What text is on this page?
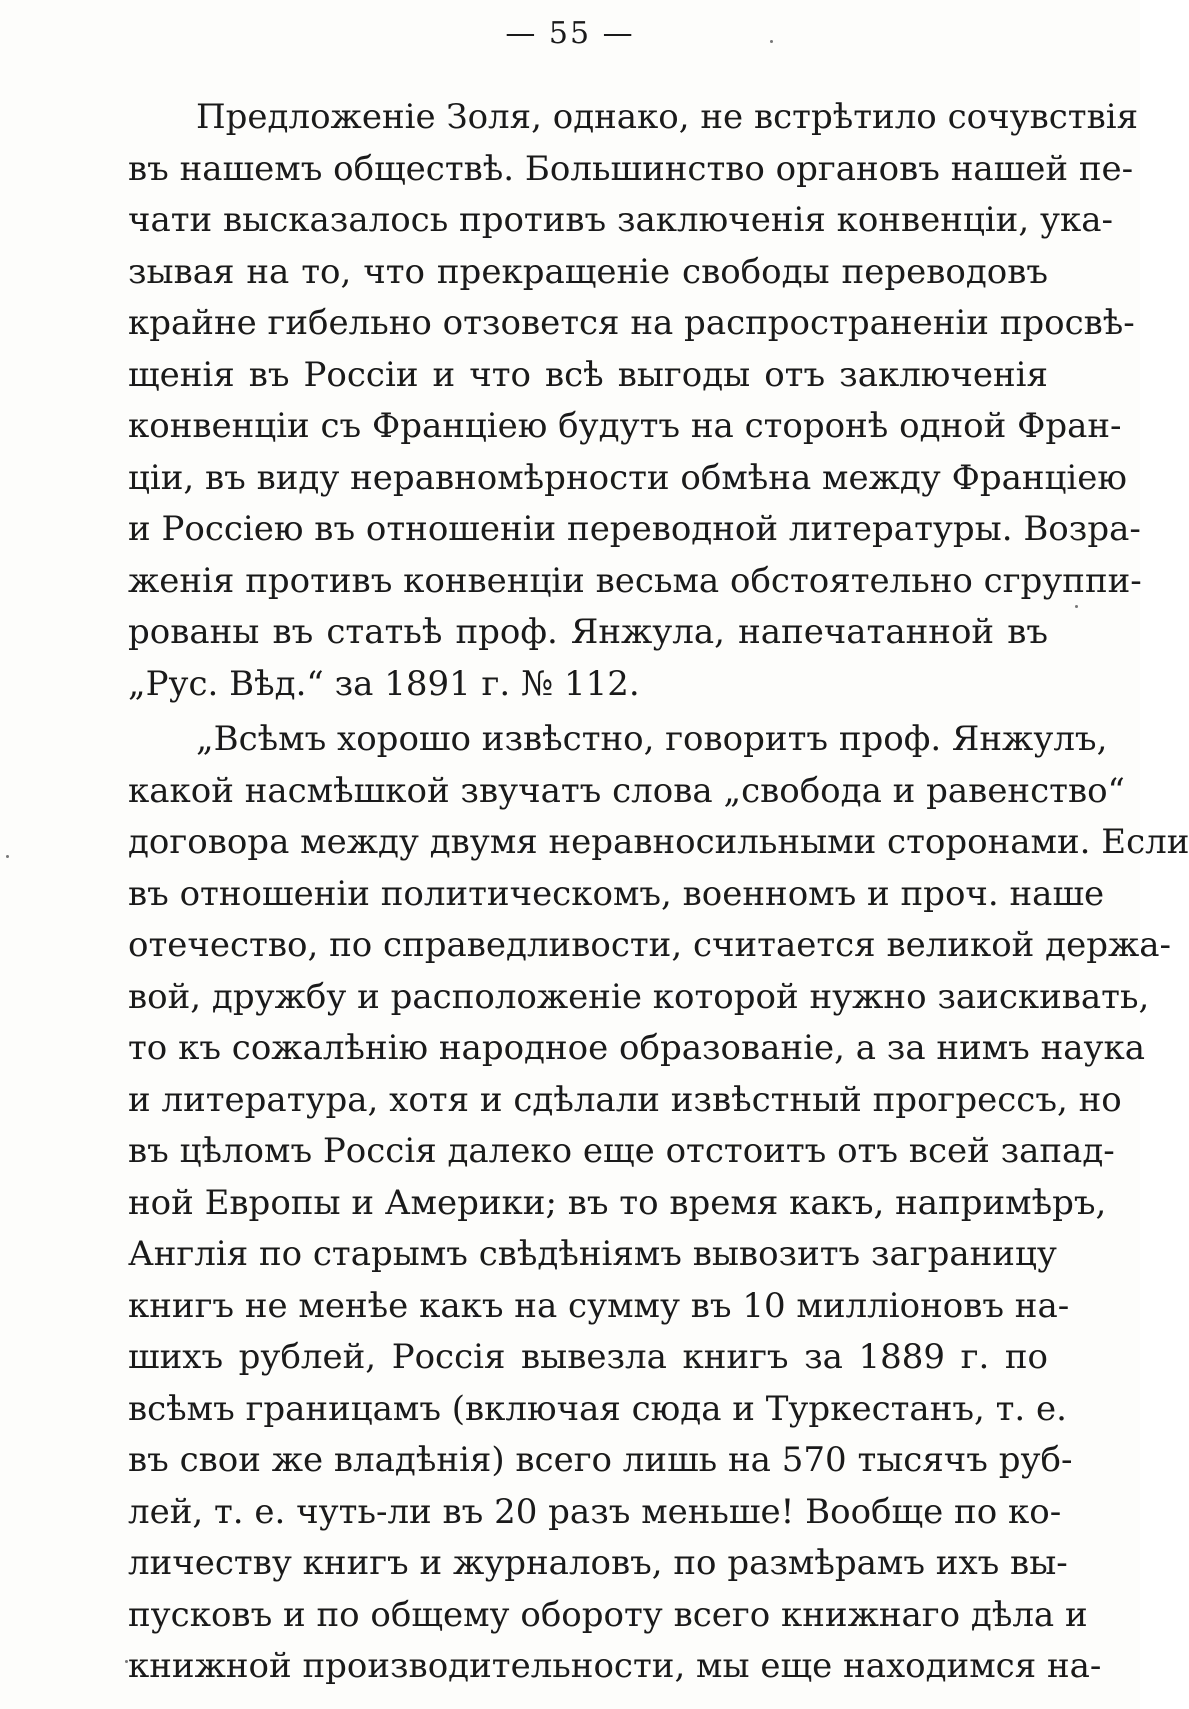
— 55 —
Предложеніе Золя, однако, не встрѣтило сочувствія
въ нашемъ обществѣ. Большинство органовъ нашей пе-
чати высказалось противъ заключенія конвенціи, ука-
зывая на то, что прекращеніе свободы переводовъ
крайне гибельно отзовется на распространеніи просвѣ-
щенія въ Россіи и что всѣ выгоды отъ заключенія
конвенціи съ Франціею будутъ на сторонѣ одной Фран-
ціи, въ виду неравномѣрности обмѣна между Франціею
и Россіею въ отношеніи переводной литературы. Возра-
женія противъ конвенціи весьма обстоятельно сгруппи-
рованы въ статьѣ проф. Янжула, напечатанной въ
„Рус. Вѣд.“ за 1891 г. № 112.
„Всѣмъ хорошо извѣстно, говоритъ проф. Янжулъ,
какой насмѣшкой звучатъ слова „свобода и равенство“
договора между двумя неравносильными сторонами. Если
въ отношеніи политическомъ, военномъ и проч. наше
отечество, по справедливости, считается великой держа-
вой, дружбу и расположеніе которой нужно заискивать,
то къ сожалѣнію народное образованіе, а за нимъ наука
и литература, хотя и сдѣлали извѣстный прогрессъ, но
въ цѣломъ Россія далеко еще отстоитъ отъ всей запад-
ной Европы и Америки; въ то время какъ, напримѣръ,
Англія по старымъ свѣдѣніямъ вывозитъ заграницу
книгъ не менѣе какъ на сумму въ 10 милліоновъ на-
шихъ рублей, Россія вывезла книгъ за 1889 г. по
всѣмъ границамъ (включая сюда и Туркестанъ, т. е.
въ свои же владѣнія) всего лишь на 570 тысячъ руб-
лей, т. е. чуть-ли въ 20 разъ меньше! Вообще по ко-
личеству книгъ и журналовъ, по размѣрамъ ихъ вы-
пусковъ и по общему обороту всего книжнаго дѣла и
книжной производительности, мы еще находимся на-
